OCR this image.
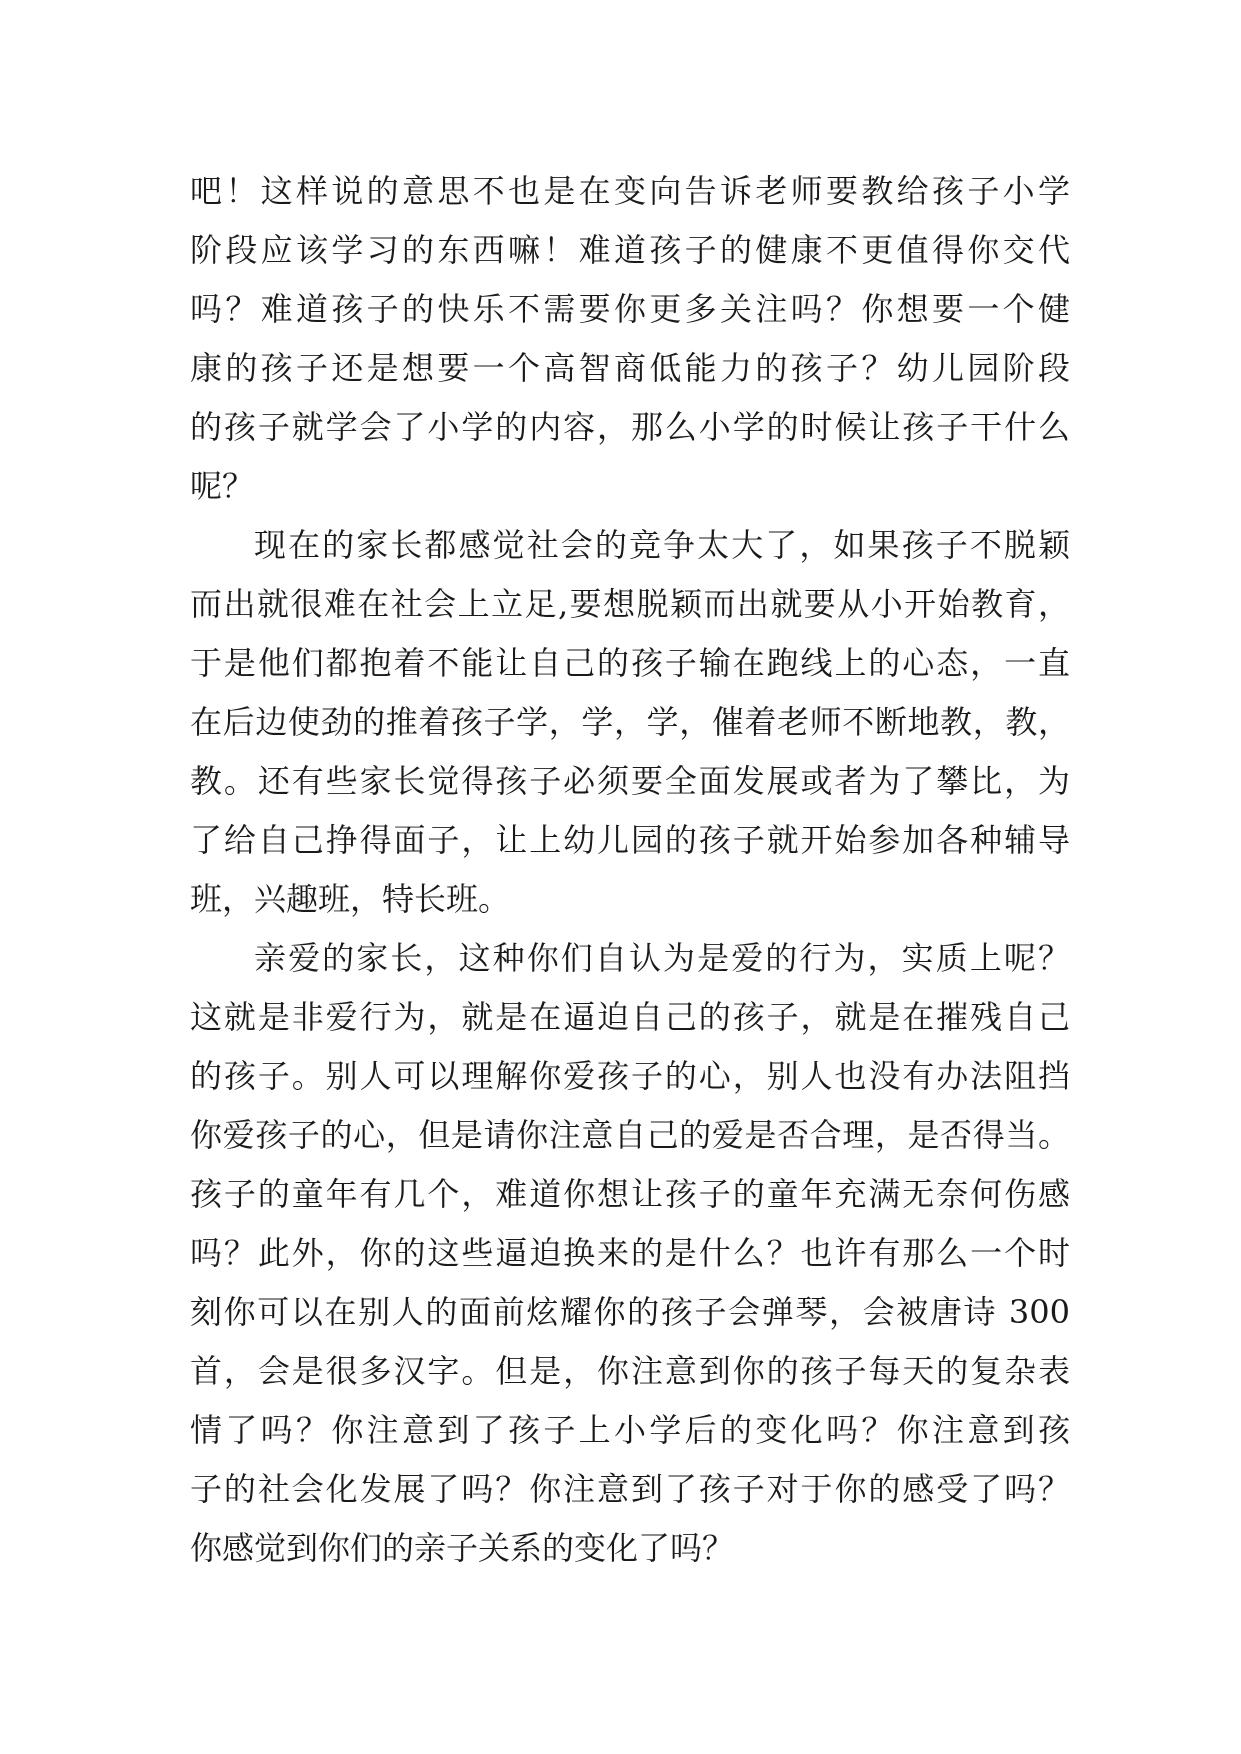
吧！这样说的意思不也是在变向告诉老师要教给孩子小学
阶段应该学习的东西嘛！难道孩子的健康不更值得你交代
吗？难道孩子的快乐不需要你更多关注吗？你想要一个健
康的孩子还是想要一个高智商低能力的孩子？幼儿园阶段
的孩子就学会了小学的内容，那么小学的时候让孩子干什么
呢？
现在的家长都感觉社会的竞争太大了，如果孩子不脱颖
而出就很难在社会上立足,要想脱颖而出就要从小开始教育，
于是他们都抱着不能让自己的孩子输在跑线上的心态，一直
在后边使劲的推着孩子学，学，学，催着老师不断地教，教，
教。还有些家长觉得孩子必须要全面发展或者为了攀比，为
了给自己挣得面子，让上幼儿园的孩子就开始参加各种辅导
班，兴趣班，特长班。
亲爱的家长，这种你们自认为是爱的行为，实质上呢？
这就是非爱行为，就是在逼迫自己的孩子，就是在摧残自己
的孩子。别人可以理解你爱孩子的心，别人也没有办法阻挡
你爱孩子的心，但是请你注意自己的爱是否合理，是否得当。
孩子的童年有几个，难道你想让孩子的童年充满无奈何伤感
吗？此外，你的这些逼迫换来的是什么？也许有那么一个时
刻你可以在别人的面前炫耀你的孩子会弹琴，会被唐诗 300
首，会是很多汉字。但是，你注意到你的孩子每天的复杂表
情了吗？你注意到了孩子上小学后的变化吗？你注意到孩
子的社会化发展了吗？你注意到了孩子对于你的感受了吗？
你感觉到你们的亲子关系的变化了吗？
